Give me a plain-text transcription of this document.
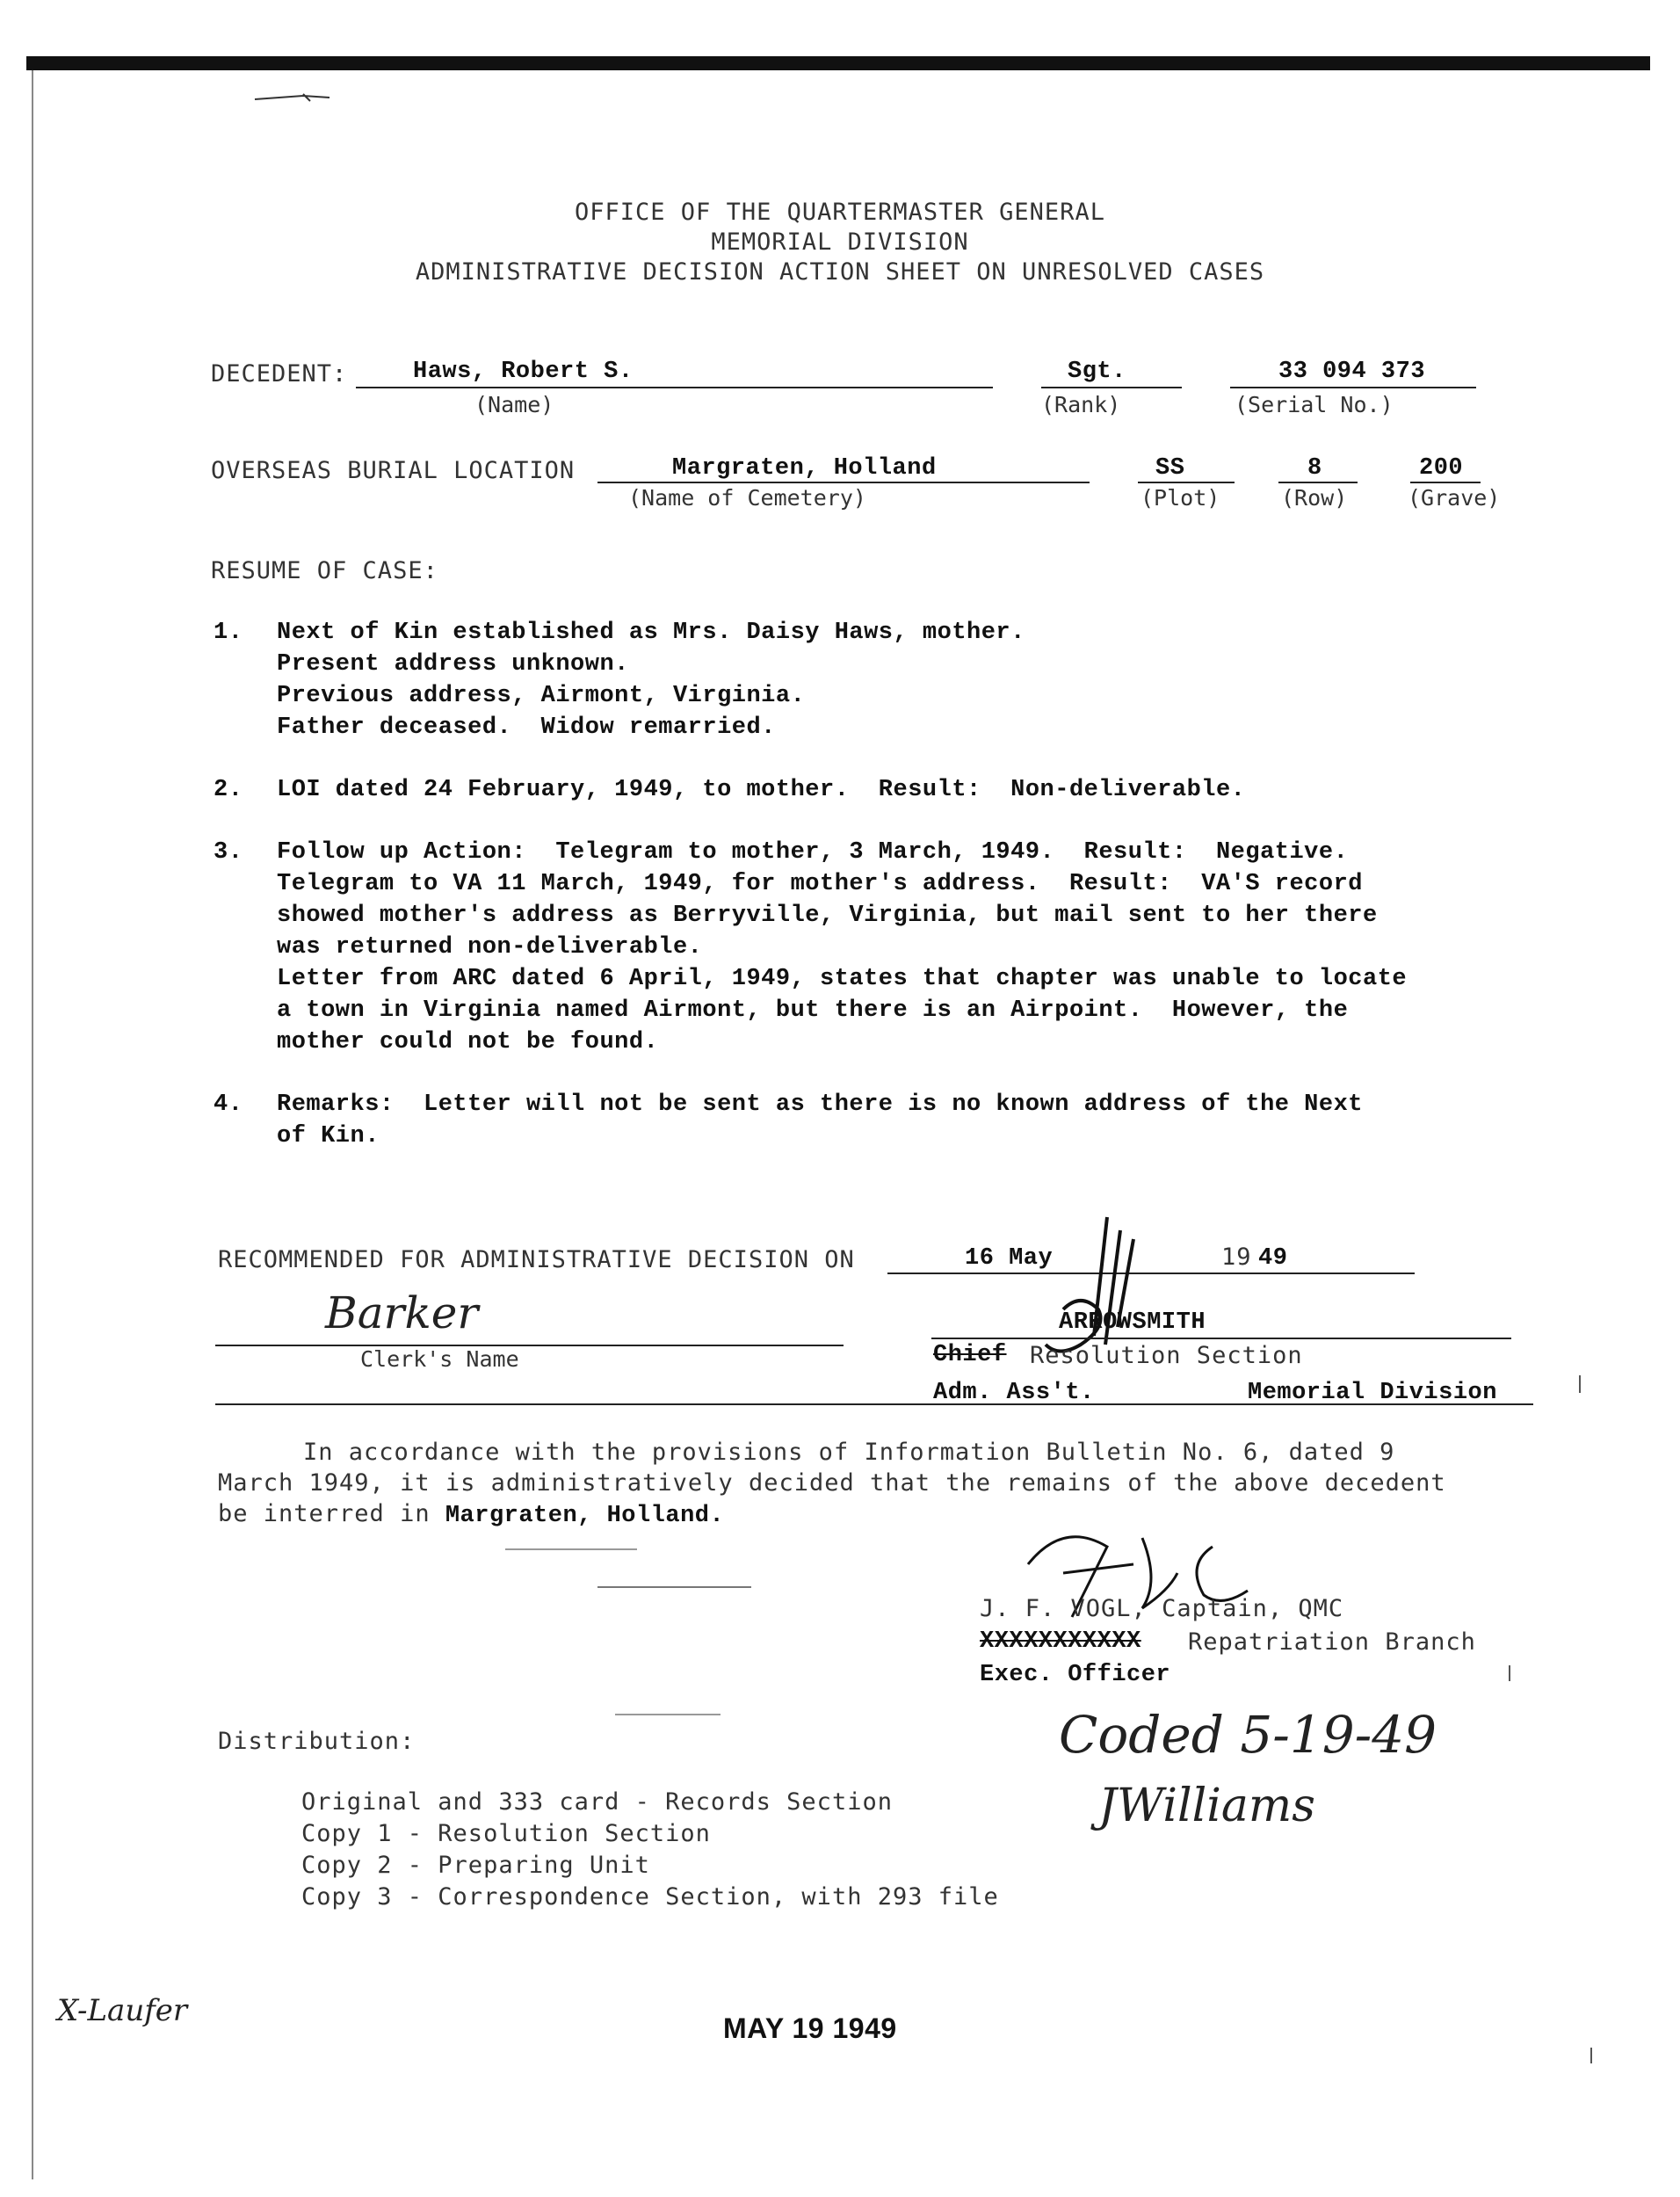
OFFICE OF THE QUARTERMASTER GENERAL
MEMORIAL DIVISION
ADMINISTRATIVE DECISION ACTION SHEET ON UNRESOLVED CASES
DECEDENT:	Haws, Robert S.
(Name)
Sgt.
(Rank)
33 094 373
(Serial No.)
OVERSEAS BURIAL LOCATION	Margraten, Holland
(Name of Cemetery)
SS
(Plot)
8
(Row)
200
(Grave)
RESUME OF CASE:
1. Next of Kin established as Mrs. Daisy Haws, mother.
Present address unknown.
Previous address, Airmont, Virginia.
Father deceased.  Widow remarried.
2. LOI dated 24 February, 1949, to mother.  Result:  Non-deliverable.
3. Follow up Action:  Telegram to mother, 3 March, 1949.  Result:  Negative.
Telegram to VA 11 March, 1949, for mother's address.  Result:  VA'S record
showed mother's address as Berryville, Virginia, but mail sent to her there
was returned non-deliverable.
Letter from ARC dated 6 April, 1949, states that chapter was unable to locate
a town in Virginia named Airmont, but there is an Airpoint.  However, the
mother could not be found.
4. Remarks:  Letter will not be sent as there is no known address of the Next
of Kin.
RECOMMENDED FOR ADMINISTRATIVE DECISION ON	16 May	19 49
Barker
Clerk's Name
ARROWSMITH
Chief Resolution Section
Adm. Ass't.	Memorial Division
In accordance with the provisions of Information Bulletin No. 6, dated 9
March 1949, it is administratively decided that the remains of the above decedent
be interred in Margraten, Holland.
J. F. VOGL, Captain, QMC
XXXXXXXXXXX Repatriation Branch
Exec. Officer
Coded 5-19-49
JWilliams
Distribution:
Original and 333 card - Records Section
Copy 1 - Resolution Section
Copy 2 - Preparing Unit
Copy 3 - Correspondence Section, with 293 file
X-Laufer	MAY 19 1949
